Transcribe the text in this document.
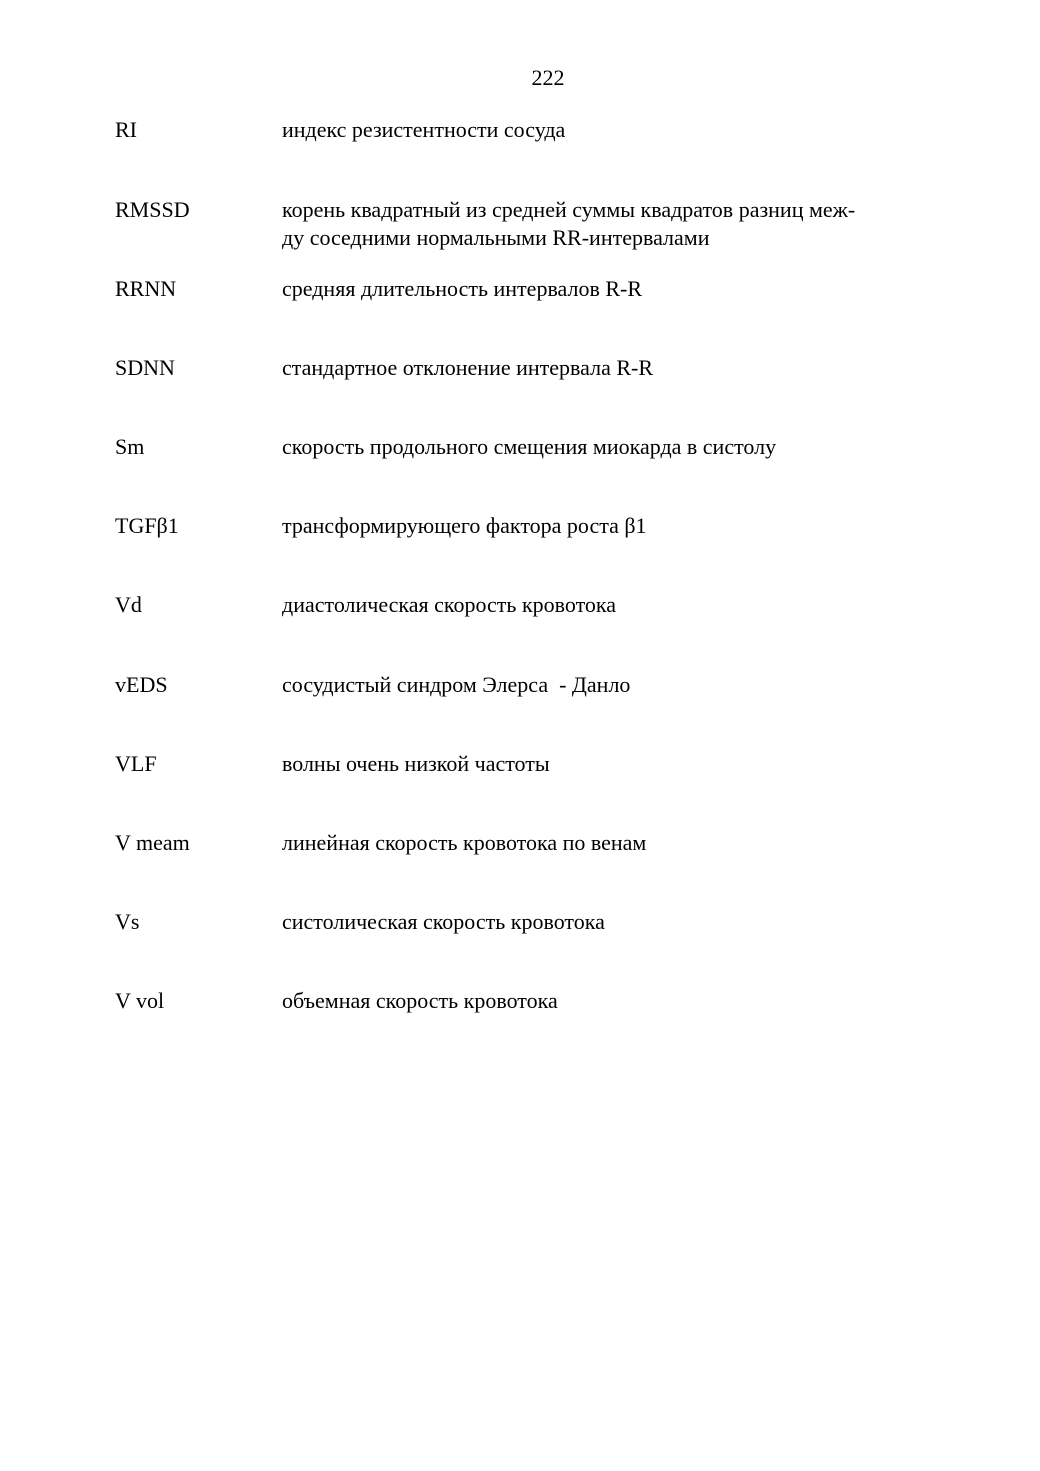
222
RI	индекс резистентности сосуда
RMSSD	корень квадратный из средней суммы квадратов разниц меж-
ду соседними нормальными RR-интервалами
RRNN	средняя длительность интервалов R-R
SDNN	стандартное отклонение интервала R-R
Sm	скорость продольного смещения миокарда в систолу
TGFβ1	трансформирующего фактора роста β1
Vd	диастолическая скорость кровотока
vEDS	сосудистый синдром Элерса  - Данло
VLF	волны очень низкой частоты
V meam	линейная скорость кровотока по венам
Vs	систолическая скорость кровотока
V vol	объемная скорость кровотока
